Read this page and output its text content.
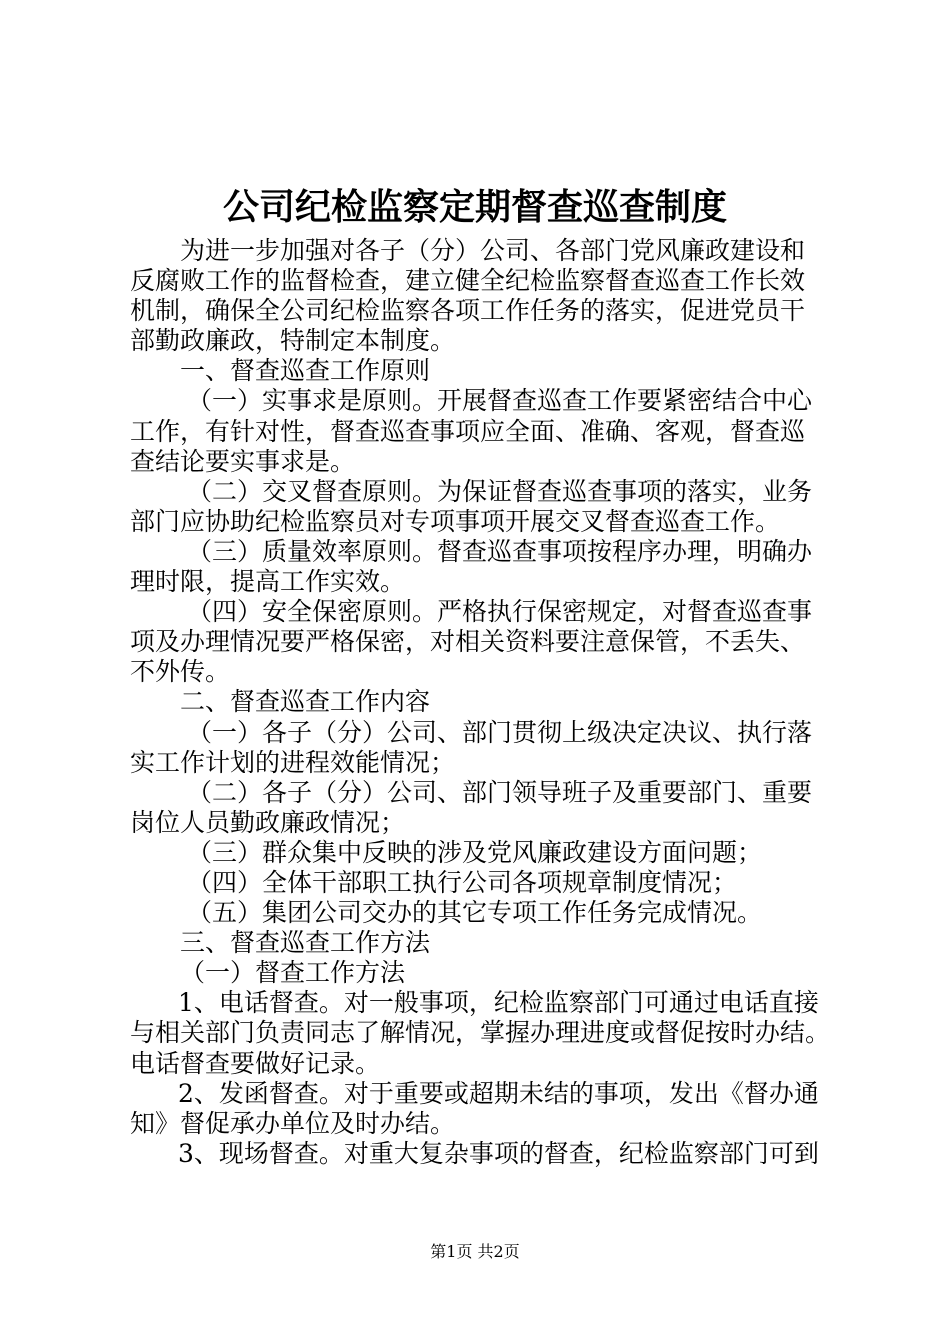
公司纪检监察定期督查巡查制度
为进一步加强对各子（分）公司、各部门党风廉政建设和
反腐败工作的监督检查，建立健全纪检监察督查巡查工作长效
机制，确保全公司纪检监察各项工作任务的落实，促进党员干
部勤政廉政，特制定本制度。
一、督查巡查工作原则
（一）实事求是原则。开展督查巡查工作要紧密结合中心
工作，有针对性，督查巡查事项应全面、准确、客观，督查巡
查结论要实事求是。
（二）交叉督查原则。为保证督查巡查事项的落实，业务
部门应协助纪检监察员对专项事项开展交叉督查巡查工作。
（三）质量效率原则。督查巡查事项按程序办理，明确办
理时限，提高工作实效。
（四）安全保密原则。严格执行保密规定，对督查巡查事
项及办理情况要严格保密，对相关资料要注意保管，不丢失、
不外传。
二、督查巡查工作内容
（一）各子（分）公司、部门贯彻上级决定决议、执行落
实工作计划的进程效能情况；
（二）各子（分）公司、部门领导班子及重要部门、重要
岗位人员勤政廉政情况；
（三）群众集中反映的涉及党风廉政建设方面问题；
（四）全体干部职工执行公司各项规章制度情况；
（五）集团公司交办的其它专项工作任务完成情况。
三、督查巡查工作方法
（一）督查工作方法
1、电话督查。对一般事项，纪检监察部门可通过电话直接
与相关部门负责同志了解情况，掌握办理进度或督促按时办结。
电话督查要做好记录。
2、发函督查。对于重要或超期未结的事项，发出《督办通
知》督促承办单位及时办结。
3、现场督查。对重大复杂事项的督查，纪检监察部门可到
第1页 共2页
